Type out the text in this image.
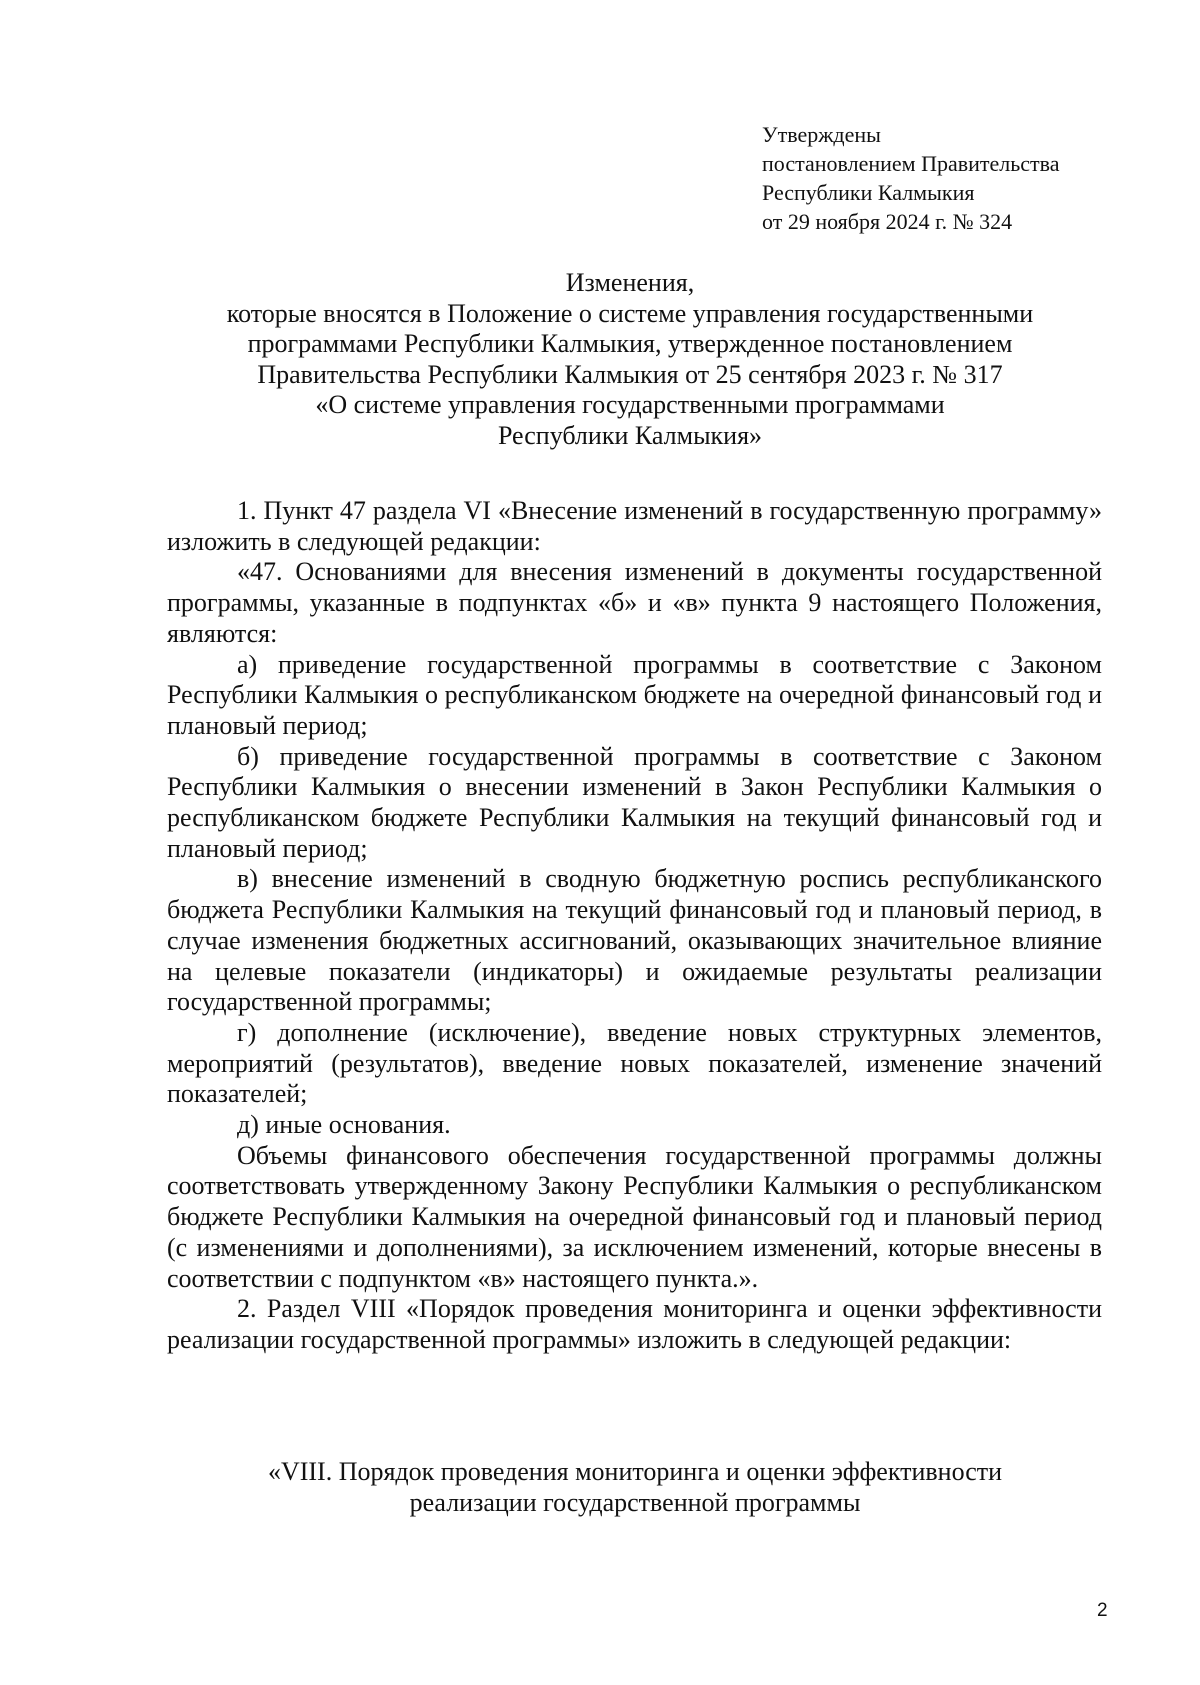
Утверждены
постановлением Правительства
Республики Калмыкия
от 29 ноября 2024 г. № 324
Изменения,
которые вносятся в Положение о системе управления государственными
программами Республики Калмыкия, утвержденное постановлением
Правительства Республики Калмыкия от 25 сентября 2023 г. № 317
«О системе управления государственными программами
Республики Калмыкия»

1. Пункт 47 раздела VI «Внесение изменений в государственную программу» изложить в следующей редакции:

«47. Основаниями для внесения изменений в документы государственной программы, указанные в подпунктах «б» и «в» пункта 9 настоящего Положения, являются:

а) приведение государственной программы в соответствие с Законом Республики Калмыкия о республиканском бюджете на очередной финансовый год и плановый период;

б) приведение государственной программы в соответствие с Законом Республики Калмыкия о внесении изменений в Закон Республики Калмыкия о республиканском бюджете Республики Калмыкия на текущий финансовый год и плановый период;

в) внесение изменений в сводную бюджетную роспись республиканского бюджета Республики Калмыкия на текущий финансовый год и плановый период, в случае изменения бюджетных ассигнований, оказывающих значительное влияние на целевые показатели (индикаторы) и ожидаемые результаты реализации государственной программы;

г) дополнение (исключение), введение новых структурных элементов, мероприятий (результатов), введение новых показателей, изменение значений показателей;

д) иные основания.

Объемы финансового обеспечения государственной программы должны соответствовать утвержденному Закону Республики Калмыкия о республиканском бюджете Республики Калмыкия на очередной финансовый год и плановый период (с изменениями и дополнениями), за исключением изменений, которые внесены в соответствии с подпунктом «в» настоящего пункта.».

2. Раздел VIII «Порядок проведения мониторинга и оценки эффективности реализации государственной программы» изложить в следующей редакции:

«VIII. Порядок проведения мониторинга и оценки эффективности
реализации государственной программы
2
